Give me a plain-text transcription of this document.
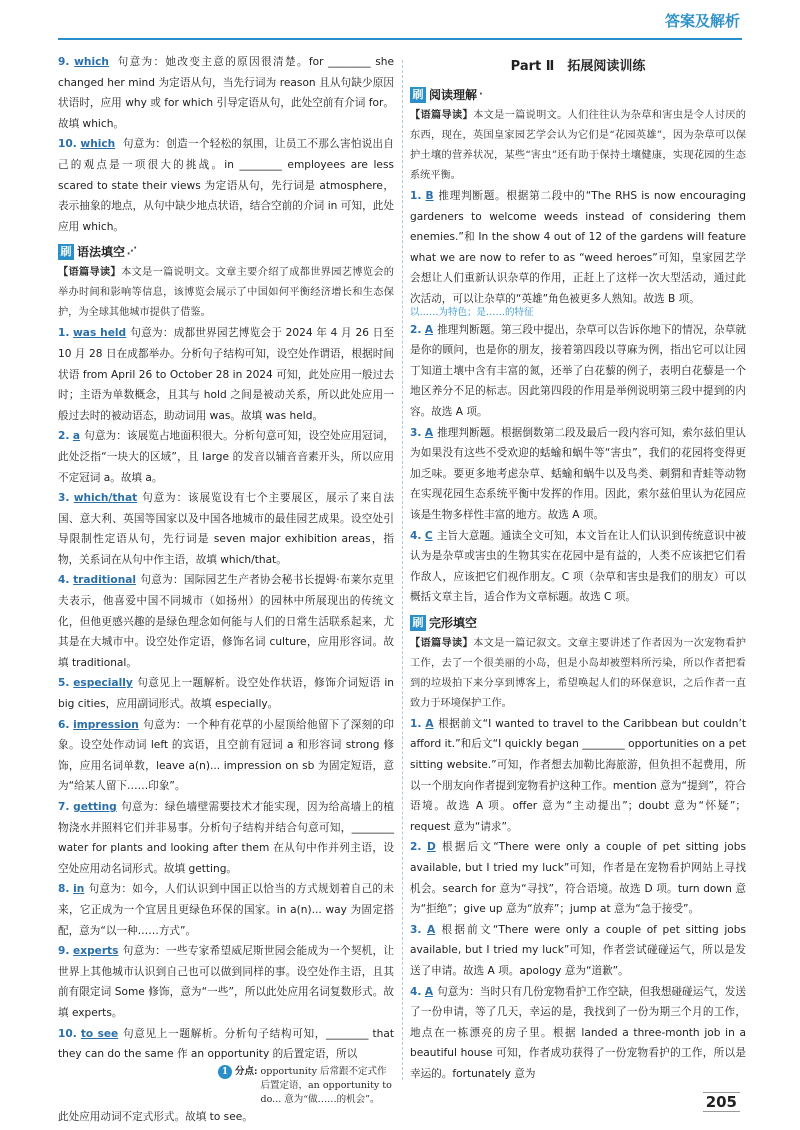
答案及解析

9. which 句意为：她改变主意的原因很清楚。for ________ she changed her mind 为定语从句，当先行词为 reason 且从句缺少原因状语时，应用 why 或 for which 引导定语从句，此处空前有介词 for。故填 which。

10. which 句意为：创造一个轻松的氛围，让员工不那么害怕说出自己的观点是一项很大的挑战。in ________ employees are less scared to state their views 为定语从句，先行词是 atmosphere，表示抽象的地点，从句中缺少地点状语，结合空前的介词 in 可知，此处应用 which。

刷 语法填空 ⋰

【语篇导读】本文是一篇说明文。文章主要介绍了成都世界园艺博览会的举办时间和影响等信息，该博览会展示了中国如何平衡经济增长和生态保护，为全球其他城市提供了借鉴。

1. was held 句意为：成都世界园艺博览会于 2024 年 4 月 26 日至 10 月 28 日在成都举办。分析句子结构可知，设空处作谓语，根据时间状语 from April 26 to October 28 in 2024 可知，此处应用一般过去时；主语为单数概念，且其与 hold 之间是被动关系，所以此处应用一般过去时的被动语态，助动词用 was。故填 was held。

2. a 句意为：该展览占地面积很大。分析句意可知，设空处应用冠词，此处泛指“一块大的区域”，且 large 的发音以辅音音素开头，所以应用不定冠词 a。故填 a。

3. which/that 句意为：该展览设有七个主要展区，展示了来自法国、意大利、英国等国家以及中国各地城市的最佳园艺成果。设空处引导限制性定语从句，先行词是 seven major exhibition areas，指物，关系词在从句中作主语，故填 which/that。

4. traditional 句意为：国际园艺生产者协会秘书长提姆·布莱尔克里夫表示，他喜爱中国不同城市（如扬州）的园林中所展现出的传统文化，但他更感兴趣的是绿色理念如何能与人们的日常生活联系起来，尤其是在大城市中。设空处作定语，修饰名词 culture，应用形容词。故填 traditional。

5. especially 句意见上一题解析。设空处作状语，修饰介词短语 in big cities，应用副词形式。故填 especially。

6. impression 句意为：一个种有花草的小屋顶给他留下了深刻的印象。设空处作动词 left 的宾语，且空前有冠词 a 和形容词 strong 修饰，应用名词单数，leave a(n)... impression on sb 为固定短语，意为“给某人留下……印象”。

7. getting 句意为：绿色墙壁需要技术才能实现，因为给高墙上的植物浇水并照料它们并非易事。分析句子结构并结合句意可知，________ water for plants and looking after them 在从句中作并列主语，设空处应用动名词形式。故填 getting。

8. in 句意为：如今，人们认识到中国正以恰当的方式规划着自己的未来，它正成为一个宜居且更绿色环保的国家。in a(n)... way 为固定搭配，意为“以一种……方式”。

9. experts 句意为：一些专家希望威尼斯世园会能成为一个契机，让世界上其他城市认识到自己也可以做到同样的事。设空处作主语，且其前有限定词 Some 修饰，意为“一些”，所以此处应用名词复数形式。故填 experts。

10. to see 句意见上一题解析。分析句子结构可知，________ that they can do the same 作 an opportunity 的后置定语，所以

1 分点: opportunity 后常跟不定式作后置定语，an opportunity to do... 意为“做……的机会”。

此处应用动词不定式形式。故填 to see。

Part Ⅱ　拓展阅读训练
刷 阅读理解 ·

【语篇导读】本文是一篇说明文。人们往往认为杂草和害虫是令人讨厌的东西，现在，英国皇家园艺学会认为它们是“花园英雄”，因为杂草可以保护土壤的营养状况，某些“害虫”还有助于保持土壤健康，实现花园的生态系统平衡。

1. B 推理判断题。根据第二段中的“The RHS is now encouraging gardeners to welcome weeds instead of considering them enemies.”和 In the show 4 out of 12 of the gardens will feature what we are now to refer to as “weed heroes”可知，皇家园艺学会想让人们重新认识杂草的作用，正赶上了这样一次大型活动，通过此次活动，可以让杂草的“英雄”角色被更多人熟知。故选 B 项。

以……为特色；是……的特征

2. A 推理判断题。第三段中提出，杂草可以告诉你地下的情况，杂草就是你的顾问，也是你的朋友，接着第四段以荨麻为例，指出它可以让园丁知道土壤中含有丰富的氮，还举了白花藜的例子，表明白花藜是一个地区养分不足的标志。因此第四段的作用是举例说明第三段中提到的内容。故选 A 项。

3. A 推理判断题。根据倒数第二段及最后一段内容可知，索尔兹伯里认为如果没有这些不受欢迎的蛞蝓和蜗牛等“害虫”，我们的花园将变得更加乏味。要更多地考虑杂草、蛞蝓和蜗牛以及鸟类、刺猬和青蛙等动物在实现花园生态系统平衡中发挥的作用。因此，索尔兹伯里认为花园应该是生物多样性丰富的地方。故选 A 项。

4. C 主旨大意题。通读全文可知，本文旨在让人们认识到传统意识中被认为是杂草或害虫的生物其实在花园中是有益的，人类不应该把它们看作敌人，应该把它们视作朋友。C 项（杂草和害虫是我们的朋友）可以概括文章主旨，适合作为文章标题。故选 C 项。

刷 完形填空

【语篇导读】本文是一篇记叙文。文章主要讲述了作者因为一次宠物看护工作，去了一个很美丽的小岛，但是小岛却被塑料所污染，所以作者把看到的垃圾拍下来分享到博客上，希望唤起人们的环保意识，之后作者一直致力于环境保护工作。

1. A 根据前文“I wanted to travel to the Caribbean but couldn’t afford it.”和后文“I quickly began ________ opportunities on a pet sitting website.”可知，作者想去加勒比海旅游，但负担不起费用，所以一个朋友向作者提到宠物看护这种工作。mention 意为“提到”，符合语境。故选 A 项。offer 意为“主动提出”；doubt 意为“怀疑”；request 意为“请求”。

2. D 根据后文“There were only a couple of pet sitting jobs available, but I tried my luck”可知，作者是在宠物看护网站上寻找机会。search for 意为“寻找”，符合语境。故选 D 项。turn down 意为“拒绝”；give up 意为“放弃”；jump at 意为“急于接受”。

3. A 根据前文“There were only a couple of pet sitting jobs available, but I tried my luck”可知，作者尝试碰碰运气，所以是发送了申请。故选 A 项。apology 意为“道歉”。

4. A 句意为：当时只有几份宠物看护工作空缺，但我想碰碰运气，发送了一份申请，等了几天，幸运的是，我找到了一份为期三个月的工作，地点在一栋漂亮的房子里。根据 landed a three-month job in a beautiful house 可知，作者成功获得了一份宠物看护的工作，所以是幸运的。fortunately 意为

205
